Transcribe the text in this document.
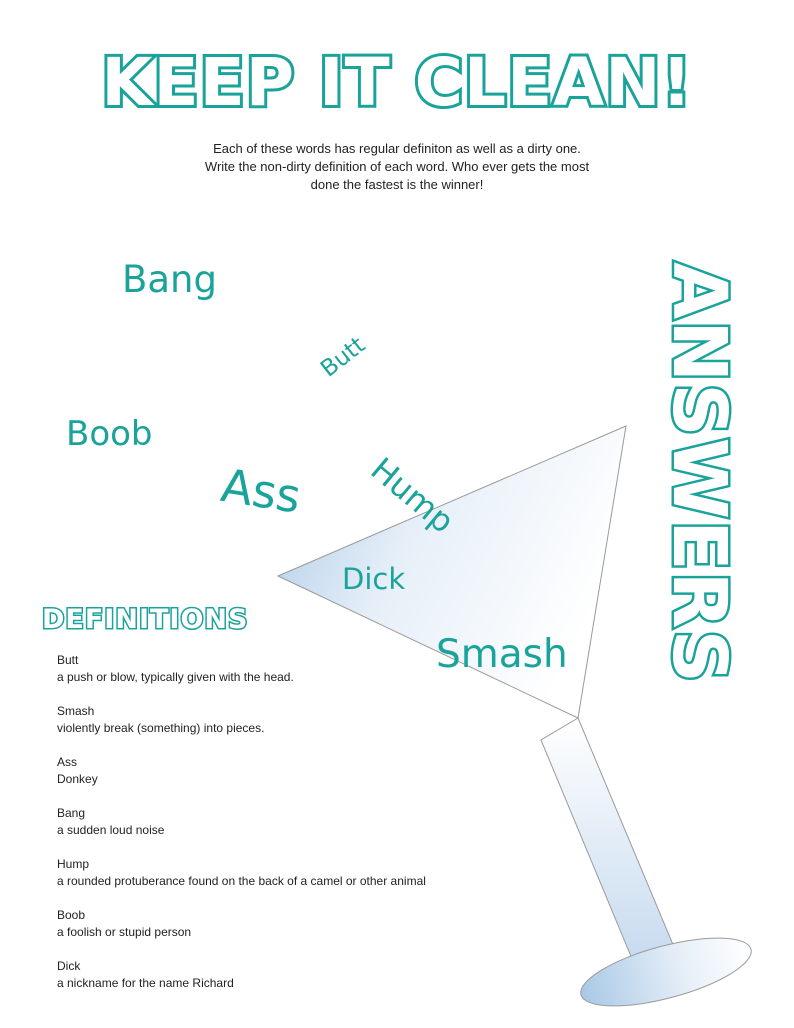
KEEP IT CLEAN!
Each of these words has regular definiton as well as a dirty one.
Write the non-dirty definition of each word. Who ever gets the most
done the fastest is the winner!
Bang
Butt
Boob
Ass Hump
Dick
Smash ANSWERS
DEFINITIONS
Butt
a push or blow, typically given with the head.
Smash
violently break (something) into pieces.
Ass
Donkey
Bang
a sudden loud noise
Hump
a rounded protuberance found on the back of a camel or other animal
Boob
a foolish or stupid person
Dick
a nickname for the name Richard
